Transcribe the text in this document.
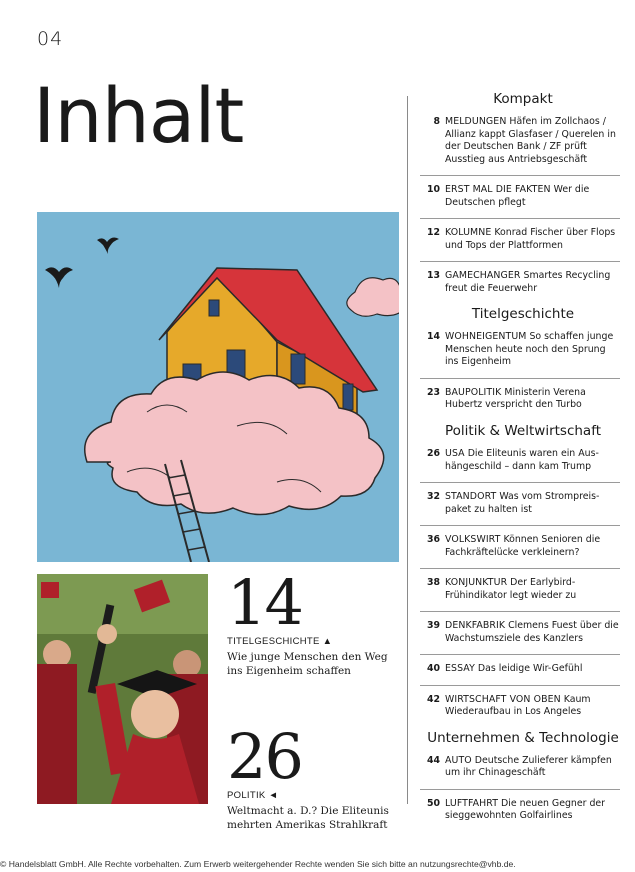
04
Inhalt
14
TITELGESCHICHTE ▲
Wie junge Menschen den Weg ins Eigenheim schaffen
26
POLITIK ◄
Weltmacht a. D.? Die Eliteunis mehrten Amerikas Strahlkraft
Kompakt
8 MELDUNGEN Häfen im Zollchaos / Allianz kappt Glasfaser / Querelen in der Deutschen Bank / ZF prüft Ausstieg aus Antriebsgeschäft
10 ERST MAL DIE FAKTEN Wer die Deutschen pflegt
12 KOLUMNE Konrad Fischer über Flops und Tops der Plattformen
13 GAMECHANGER Smartes Recycling freut die Feuerwehr
Titelgeschichte
14 WOHNEIGENTUM So schaffen junge Menschen heute noch den Sprung ins Eigenheim
23 BAUPOLITIK Ministerin Verena Hubertz verspricht den Turbo
Politik & Weltwirtschaft
26 USA Die Eliteunis waren ein Aus-hängeschild – dann kam Trump
32 STANDORT Was vom Strompreis-paket zu halten ist
36 VOLKSWIRT Können Senioren die Fachkräftelücke verkleinern?
38 KONJUNKTUR Der Earlybird-Frühindikator legt wieder zu
39 DENKFABRIK Clemens Fuest über die Wachstumsziele des Kanzlers
40 ESSAY Das leidige Wir-Gefühl
42 WIRTSCHAFT VON OBEN Kaum Wiederaufbau in Los Angeles
Unternehmen & Technologie
44 AUTO Deutsche Zulieferer kämpfen um ihr Chinageschäft
50 LUFTFAHRT Die neuen Gegner der sieggewohnten Golfairlines
© Handelsblatt GmbH. Alle Rechte vorbehalten. Zum Erwerb weitergehender Rechte wenden Sie sich bitte an nutzungsrechte@vhb.de.
